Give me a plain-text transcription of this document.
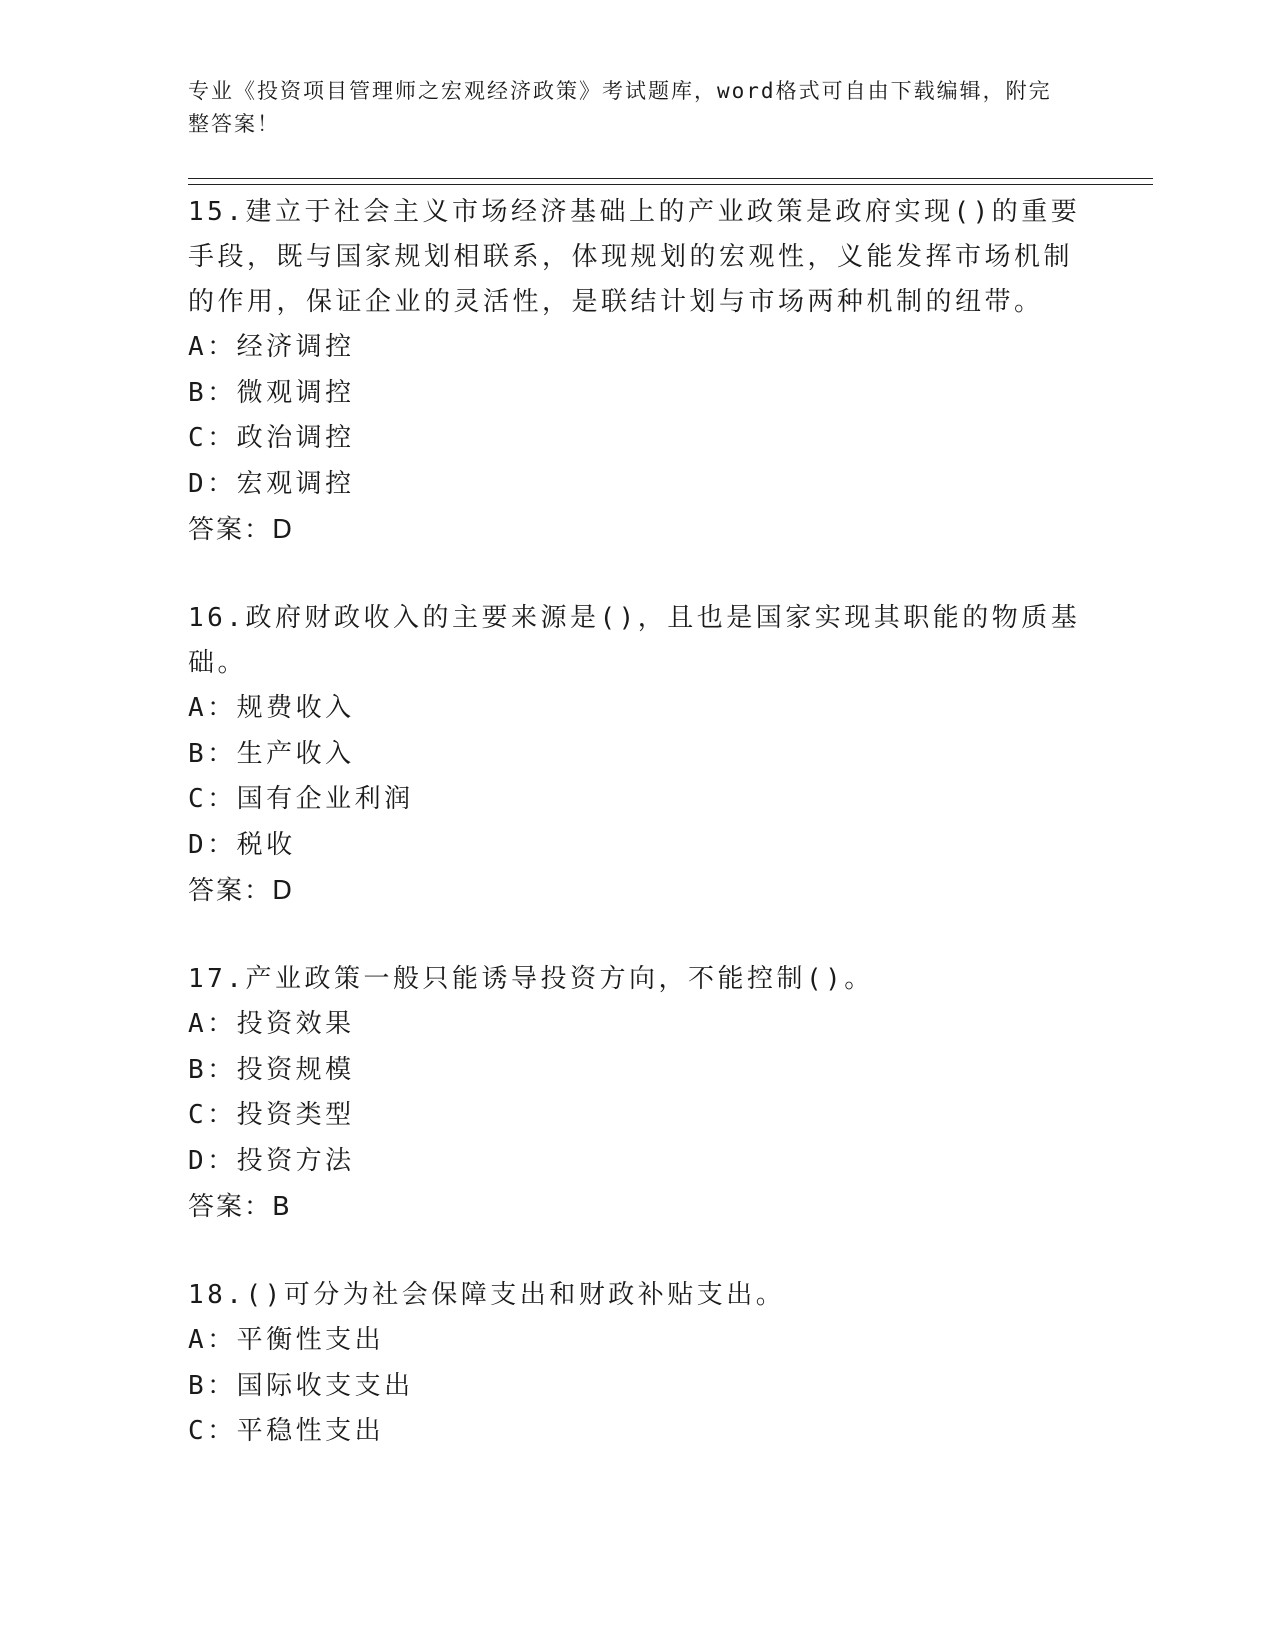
专业《投资项目管理师之宏观经济政策》考试题库，word格式可自由下载编辑，附完整答案！
15.建立于社会主义市场经济基础上的产业政策是政府实现()的重要手段，既与国家规划相联系，体现规划的宏观性，义能发挥市场机制的作用，保证企业的灵活性，是联结计划与市场两种机制的纽带。
A：经济调控
B：微观调控
C：政治调控
D：宏观调控
答案：D
16.政府财政收入的主要来源是()，且也是国家实现其职能的物质基础。
A：规费收入
B：生产收入
C：国有企业利润
D：税收
答案：D
17.产业政策一般只能诱导投资方向，不能控制()。
A：投资效果
B：投资规模
C：投资类型
D：投资方法
答案：B
18.()可分为社会保障支出和财政补贴支出。
A：平衡性支出
B：国际收支支出
C：平稳性支出
